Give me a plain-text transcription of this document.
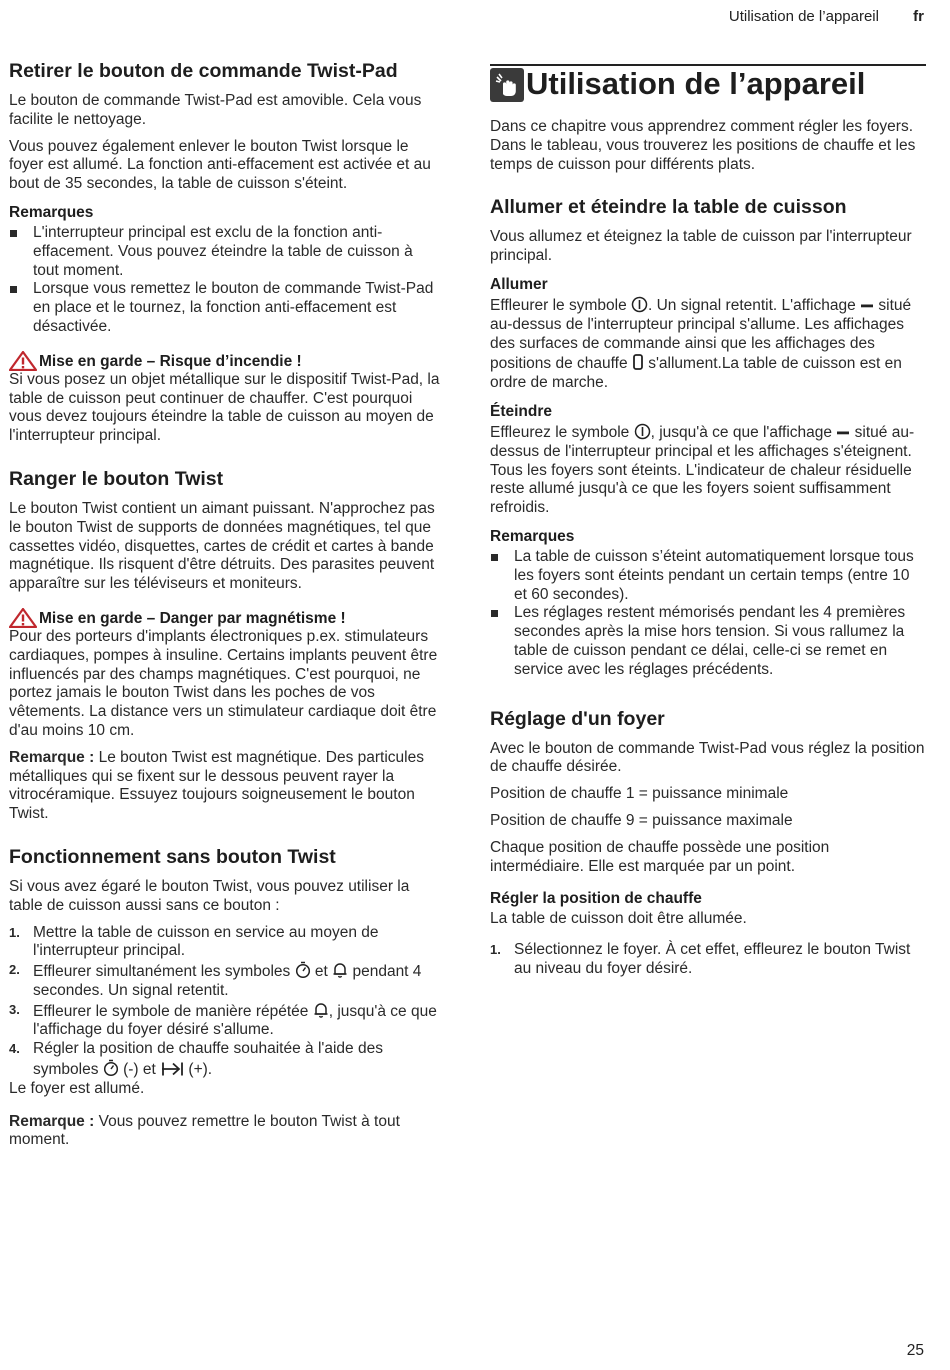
Utilisation de l’appareil fr
Retirer le bouton de commande Twist-Pad

Le bouton de commande Twist-Pad est amovible. Cela vous facilite le nettoyage.

Vous pouvez également enlever le bouton Twist lorsque le foyer est allumé. La fonction anti-effacement est activée et au bout de 35 secondes, la table de cuisson s'éteint.

Remarques
L'interrupteur principal est exclu de la fonction anti-effacement. Vous pouvez éteindre la table de cuisson à tout moment.
Lorsque vous remettez le bouton de commande Twist-Pad en place et le tournez, la fonction anti-effacement est désactivée.
Mise en garde – Risque d’incendie !

Si vous posez un objet métallique sur le dispositif Twist-Pad, la table de cuisson peut continuer de chauffer. C'est pourquoi vous devez toujours éteindre la table de cuisson au moyen de l'interrupteur principal.

Ranger le bouton Twist

Le bouton Twist contient un aimant puissant. N'approchez pas le bouton Twist de supports de données magnétiques, tel que cassettes vidéo, disquettes, cartes de crédit et cartes à bande magnétique. Ils risquent d'être détruits. Des parasites peuvent apparaître sur les téléviseurs et moniteurs.

Mise en garde – Danger par magnétisme !

Pour des porteurs d'implants électroniques p.ex. stimulateurs cardiaques, pompes à insuline. Certains implants peuvent être influencés par des champs magnétiques. C'est pourquoi, ne portez jamais le bouton Twist dans les poches de vos vêtements. La distance vers un stimulateur cardiaque doit être d'au moins 10 cm.

Remarque : Le bouton Twist est magnétique. Des particules métalliques qui se fixent sur le dessous peuvent rayer la vitrocéramique. Essuyez toujours soigneusement le bouton Twist.

Fonctionnement sans bouton Twist

Si vous avez égaré le bouton Twist, vous pouvez utiliser la table de cuisson aussi sans ce bouton :

1. Mettre la table de cuisson en service au moyen de l'interrupteur principal.
2. Effleurer simultanément les symboles  et  pendant 4 secondes. Un signal retentit.
3. Effleurer le symbole de manière répétée , jusqu'à ce que l'affichage du foyer désiré s'allume.
4. Régler la position de chauffe souhaitée à l'aide des symboles  (-) et  (+).

Le foyer est allumé.

Remarque : Vous pouvez remettre le bouton Twist à tout moment.

Utilisation de l’appareil

Dans ce chapitre vous apprendrez comment régler les foyers. Dans le tableau, vous trouverez les positions de chauffe et les temps de cuisson pour différents plats.

Allumer et éteindre la table de cuisson

Vous allumez et éteignez la table de cuisson par l'interrupteur principal.

Allumer

Effleurer le symbole . Un signal retentit. L'affichage  situé au-dessus de l'interrupteur principal s'allume. Les affichages des surfaces de commande ainsi que les affichages des positions de chauffe  s'allument.La table de cuisson est en ordre de marche.

Éteindre

Effleurez le symbole , jusqu'à ce que l'affichage  situé au-dessus de l'interrupteur principal et les affichages s'éteignent. Tous les foyers sont éteints. L'indicateur de chaleur résiduelle reste allumé jusqu'à ce que les foyers soient suffisamment refroidis.

Remarques
La table de cuisson s’éteint automatiquement lorsque tous les foyers sont éteints pendant un certain temps (entre 10 et 60 secondes).
Les réglages restent mémorisés pendant les 4 premières secondes après la mise hors tension. Si vous rallumez la table de cuisson pendant ce délai, celle-ci se remet en service avec les réglages précédents.
Réglage d'un foyer

Avec le bouton de commande Twist-Pad vous réglez la position de chauffe désirée.

Position de chauffe 1 = puissance minimale

Position de chauffe 9 = puissance maximale

Chaque position de chauffe possède une position intermédiaire. Elle est marquée par un point.

Régler la position de chauffe

La table de cuisson doit être allumée.

1. Sélectionnez le foyer. À cet effet, effleurez le bouton Twist au niveau du foyer désiré.
25
